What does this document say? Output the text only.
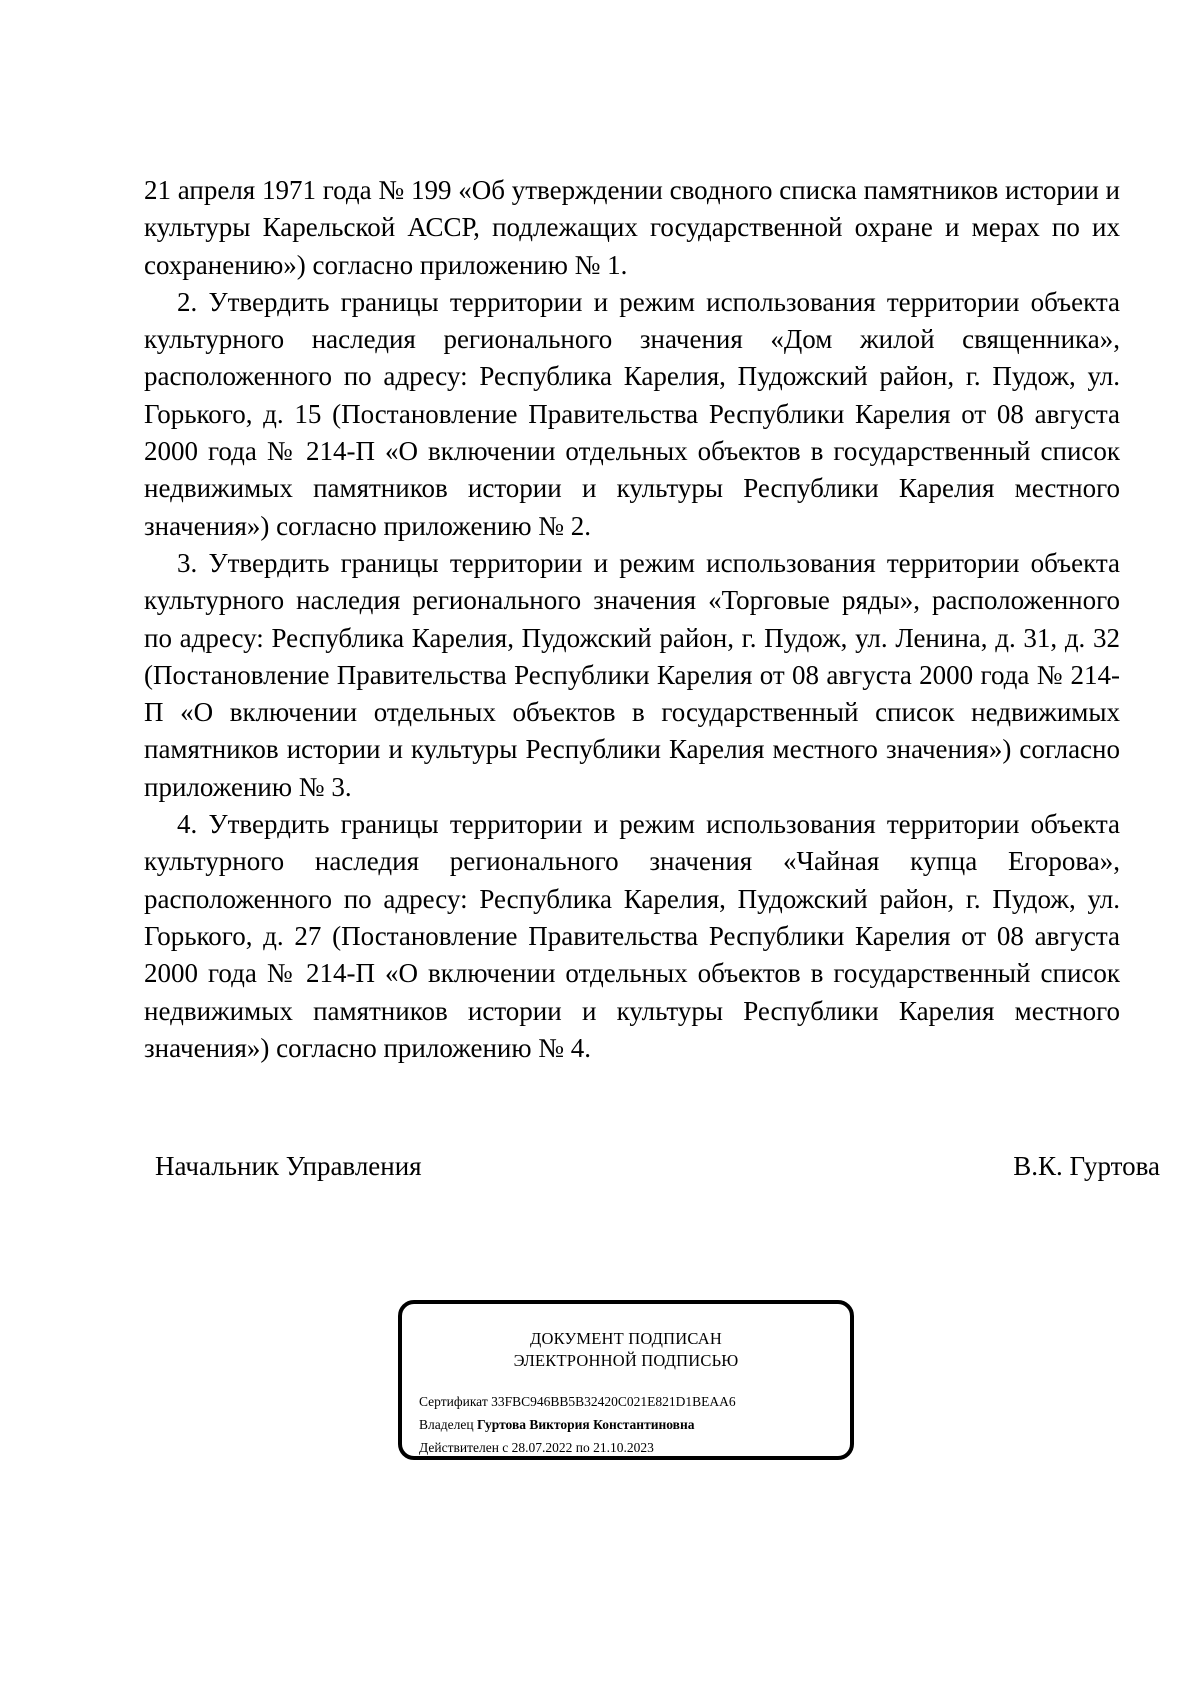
21 апреля 1971 года № 199 «Об утверждении сводного списка памятников истории и культуры Карельской АССР, подлежащих государственной охране и мерах по их сохранению») согласно приложению № 1.

2. Утвердить границы территории и режим использования территории объекта культурного наследия регионального значения «Дом жилой священника», расположенного по адресу: Республика Карелия, Пудожский район, г. Пудож, ул. Горького, д. 15 (Постановление Правительства Республики Карелия от 08 августа 2000 года № 214-П «О включении отдельных объектов в государственный список недвижимых памятников истории и культуры Республики Карелия местного значения») согласно приложению № 2.

3. Утвердить границы территории и режим использования территории объекта культурного наследия регионального значения «Торговые ряды», расположенного по адресу: Республика Карелия, Пудожский район, г. Пудож, ул. Ленина, д. 31, д. 32 (Постановление Правительства Республики Карелия от 08 августа 2000 года № 214-П «О включении отдельных объектов в государственный список недвижимых памятников истории и культуры Республики Карелия местного значения») согласно приложению № 3.

4. Утвердить границы территории и режим использования территории объекта культурного наследия регионального значения «Чайная купца Егорова», расположенного по адресу: Республика Карелия, Пудожский район, г. Пудож, ул. Горького, д. 27 (Постановление Правительства Республики Карелия от 08 августа 2000 года № 214-П «О включении отдельных объектов в государственный список недвижимых памятников истории и культуры Республики Карелия местного значения») согласно приложению № 4.

Начальник Управления	В.К. Гуртова
ДОКУМЕНТ ПОДПИСАН
ЭЛЕКТРОННОЙ ПОДПИСЬЮ
Сертификат 33FBC946BB5B32420C021E821D1BEAA6
Владелец Гуртова Виктория Константиновна
Действителен с 28.07.2022 по 21.10.2023
